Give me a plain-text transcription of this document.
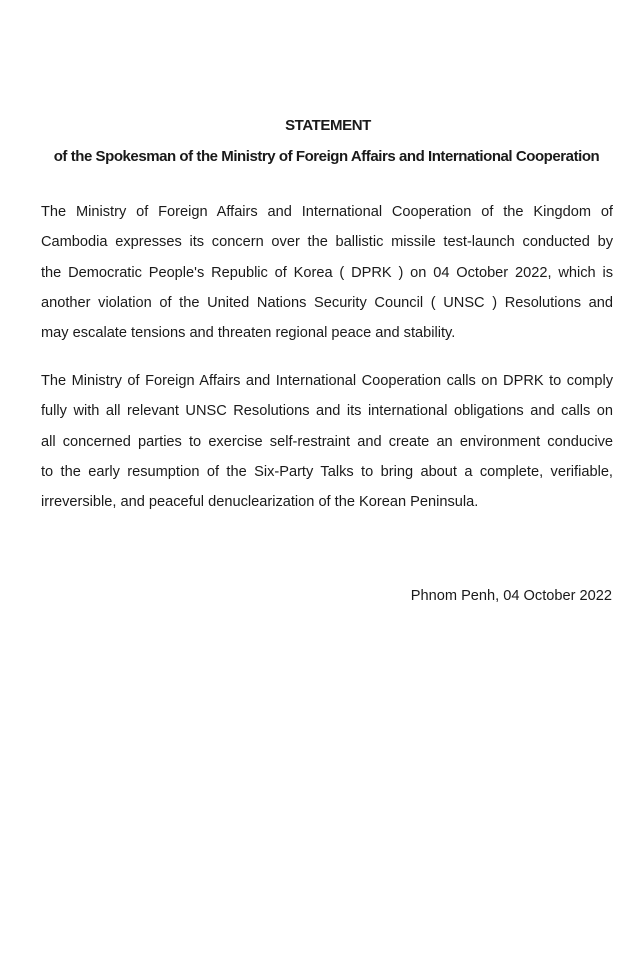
STATEMENT
of the Spokesman of the Ministry of Foreign Affairs and International Cooperation
The Ministry of Foreign Affairs and International Cooperation of the Kingdom of
Cambodia expresses its concern over the ballistic missile test-launch conducted by
the Democratic People's Republic of Korea ( DPRK ) on 04 October 2022, which is
another violation of the United Nations Security Council ( UNSC ) Resolutions and
may escalate tensions and threaten regional peace and stability.
The Ministry of Foreign Affairs and International Cooperation calls on DPRK to comply
fully with all relevant UNSC Resolutions and its international obligations and calls on
all concerned parties to exercise self-restraint and create an environment conducive
to the early resumption of the Six-Party Talks to bring about a complete, verifiable,
irreversible, and peaceful denuclearization of the Korean Peninsula.
Phnom Penh, 04 October 2022
